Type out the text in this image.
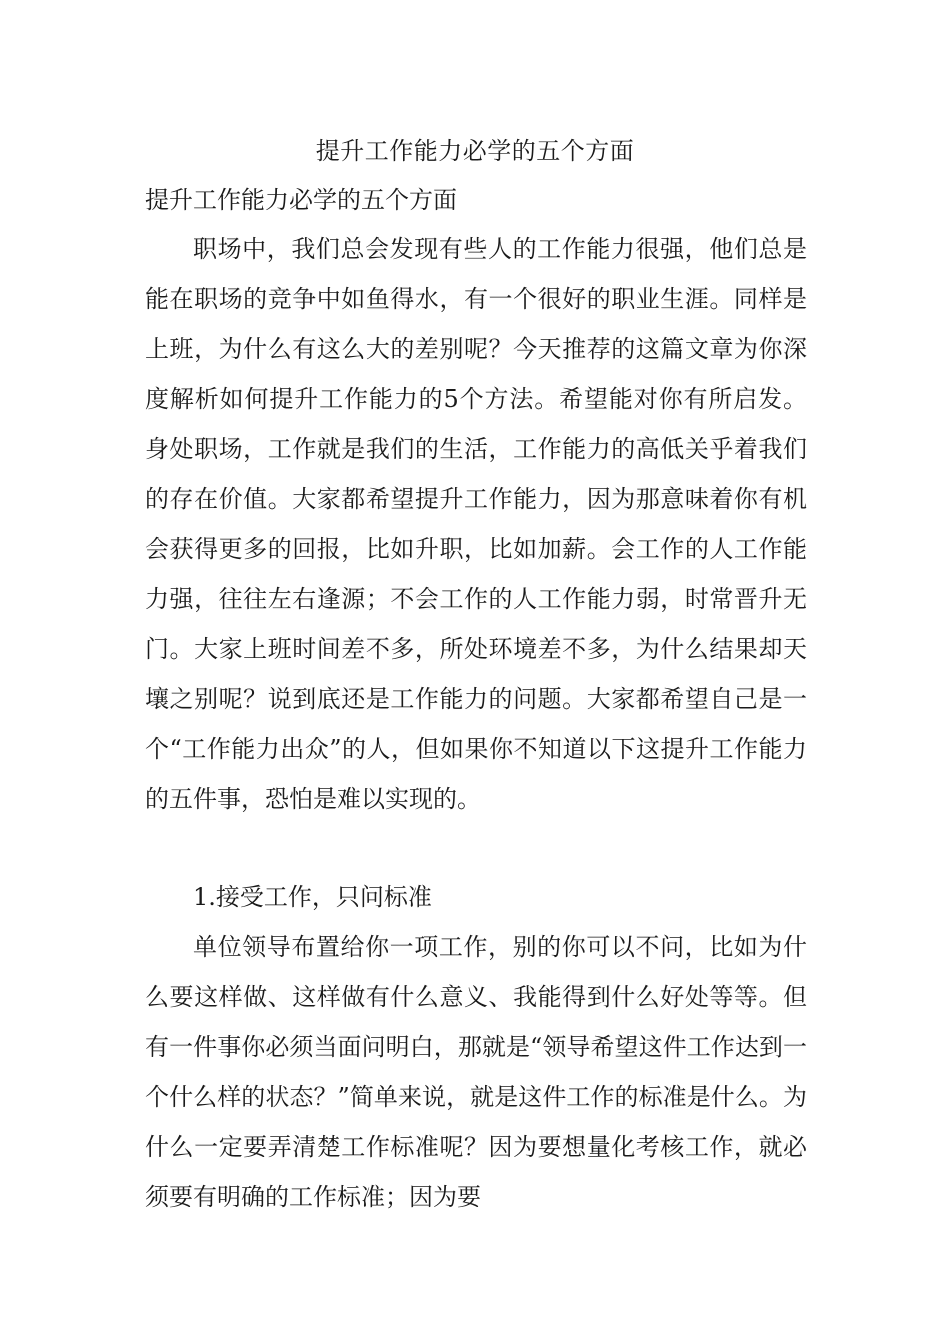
提升工作能力必学的五个方面

提升工作能力必学的五个方面

职场中，我们总会发现有些人的工作能力很强，他们总是能在职场的竞争中如鱼得水，有一个很好的职业生涯。同样是上班，为什么有这么大的差别呢？今天推荐的这篇文章为你深度解析如何提升工作能力的5个方法。希望能对你有所启发。身处职场，工作就是我们的生活，工作能力的高低关乎着我们的存在价值。大家都希望提升工作能力，因为那意味着你有机会获得更多的回报，比如升职，比如加薪。会工作的人工作能力强，往往左右逢源；不会工作的人工作能力弱，时常晋升无门。大家上班时间差不多，所处环境差不多，为什么结果却天壤之别呢？说到底还是工作能力的问题。大家都希望自己是一个“工作能力出众”的人，但如果你不知道以下这提升工作能力的五件事，恐怕是难以实现的。

1.接受工作，只问标准

单位领导布置给你一项工作，别的你可以不问，比如为什么要这样做、这样做有什么意义、我能得到什么好处等等。但有一件事你必须当面问明白，那就是“领导希望这件工作达到一个什么样的状态？”简单来说，就是这件工作的标准是什么。为什么一定要弄清楚工作标准呢？因为要想量化考核工作，就必须要有明确的工作标准；因为要
